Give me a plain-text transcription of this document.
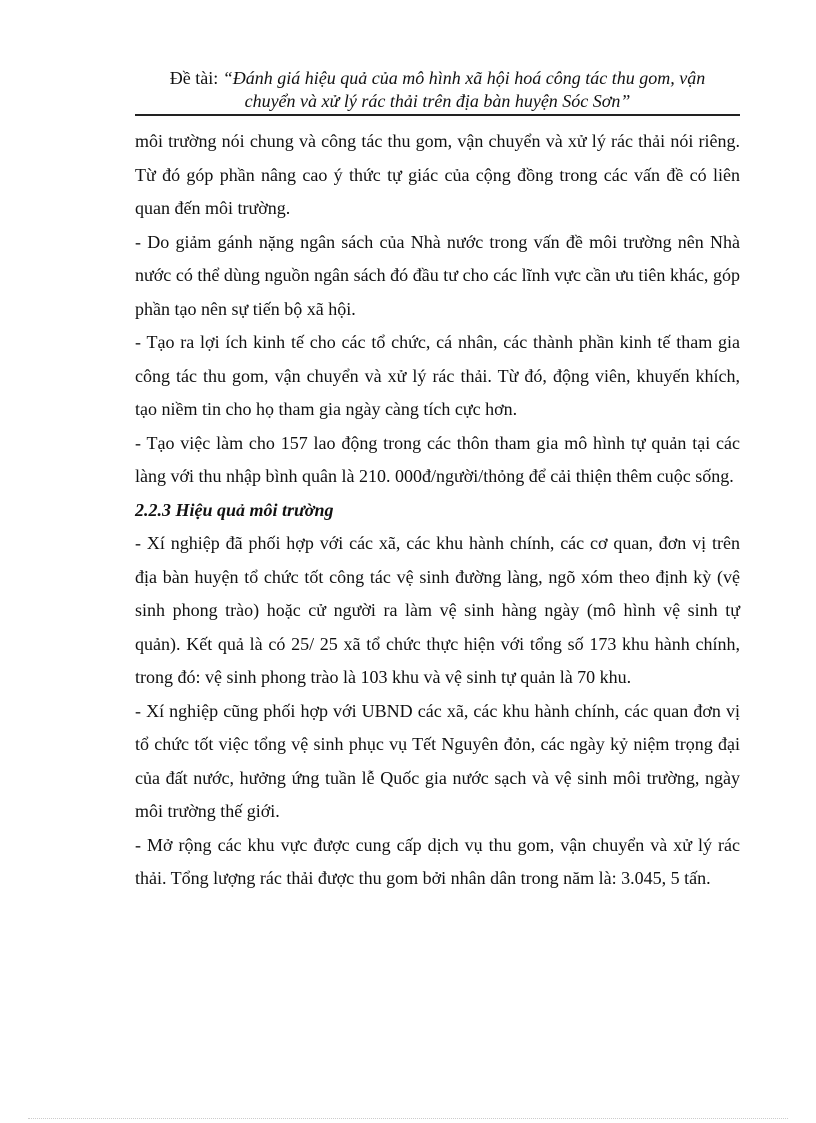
Đề tài: “Đánh giá hiệu quả của mô hình xã hội hoá công tác thu gom, vận
chuyển và xử lý rác thải trên địa bàn huyện Sóc Sơn”

môi trường nói chung và công tác thu gom, vận chuyển và xử lý rác thải nói riêng. Từ đó góp phần nâng cao ý thức tự giác của cộng đồng trong các vấn đề có liên quan đến môi trường.

- Do giảm gánh nặng ngân sách của Nhà nước trong vấn đề môi trường nên Nhà nước có thể dùng nguồn ngân sách đó đầu tư cho các lĩnh vực cần ưu tiên khác, góp phần tạo nên sự tiến bộ xã hội.

- Tạo ra lợi ích kinh tế cho các tổ chức, cá nhân, các thành phần kinh tế tham gia công tác thu gom, vận chuyển và xử lý rác thải. Từ đó, động viên, khuyến khích, tạo niềm tin cho họ tham gia ngày càng tích cực hơn.

- Tạo việc làm cho 157 lao động trong các thôn tham gia mô hình tự quản tại các làng với thu nhập bình quân là 210. 000đ/người/thỏng để cải thiện thêm cuộc sống.

2.2.3 Hiệu quả môi trường

- Xí nghiệp đã phối hợp với các xã, các khu hành chính, các cơ quan, đơn vị trên địa bàn huyện tổ chức tốt công tác vệ sinh đường làng, ngõ xóm theo định kỳ (vệ sinh phong trào) hoặc cử người ra làm vệ sinh hàng ngày (mô hình vệ sinh tự quản). Kết quả là có 25/ 25 xã tổ chức thực hiện với tổng số 173 khu hành chính, trong đó: vệ sinh phong trào là 103 khu và vệ sinh tự quản là 70 khu.

- Xí nghiệp cũng phối hợp với UBND các xã, các khu hành chính, các quan đơn vị tổ chức tốt việc tổng vệ sinh phục vụ Tết Nguyên đỏn, các ngày kỷ niệm trọng đại của đất nước, hưởng ứng tuần lễ Quốc gia nước sạch và vệ sinh môi trường, ngày môi trường thế giới.

- Mở rộng các khu vực được cung cấp dịch vụ thu gom, vận chuyển và xử lý rác thải. Tổng lượng rác thải được thu gom bởi nhân dân trong năm là: 3.045, 5 tấn.
